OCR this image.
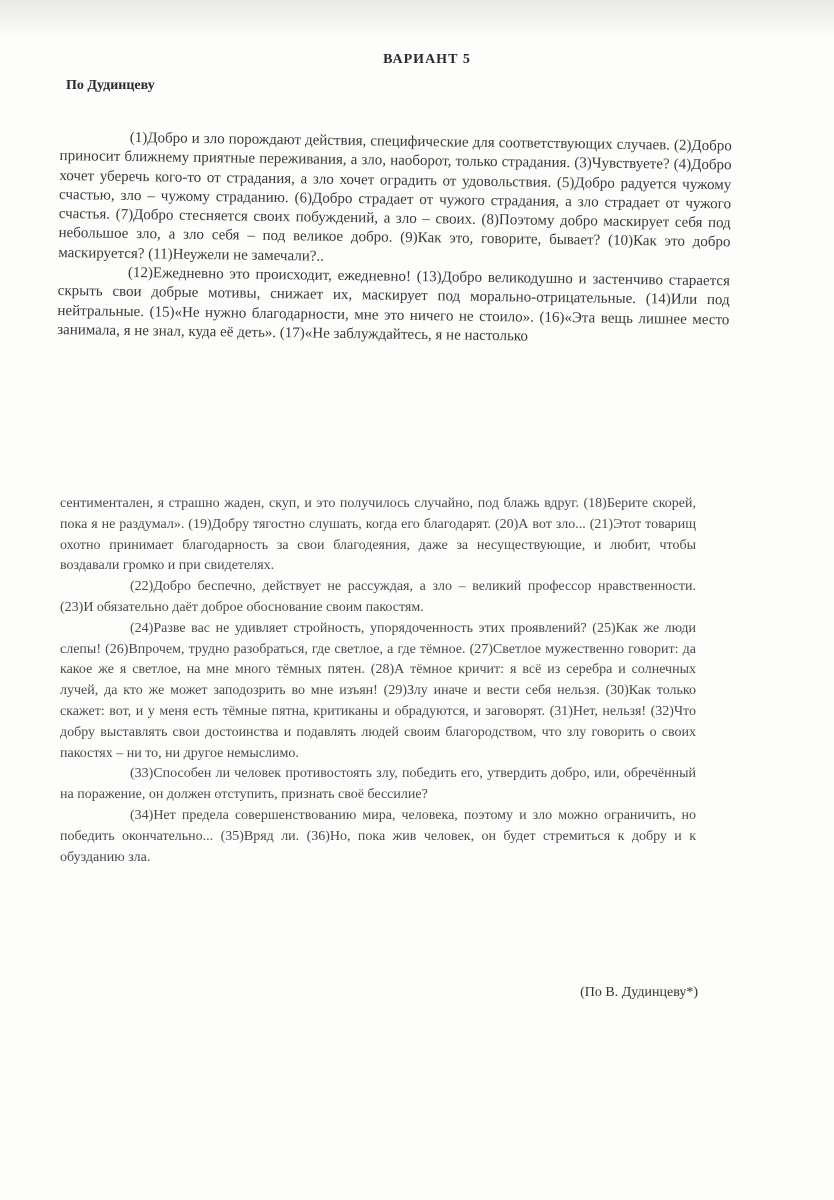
ВАРИАНТ 5
По Дудинцеву

(1)Добро и зло порождают действия, специфические для соответствующих случаев. (2)Добро приносит ближнему приятные переживания, а зло, наоборот, только страдания. (3)Чувствуете? (4)Добро хочет уберечь кого-то от страдания, а зло хочет оградить от удовольствия. (5)Добро радуется чужому счастью, зло – чужому страданию. (6)Добро страдает от чужого страдания, а зло страдает от чужого счастья. (7)Добро стесняется своих побуждений, а зло – своих. (8)Поэтому добро маскирует себя под небольшое зло, а зло себя – под великое добро. (9)Как это, говорите, бывает? (10)Как это добро маскируется? (11)Неужели не замечали?..

(12)Ежедневно это происходит, ежедневно! (13)Добро великодушно и застенчиво старается скрыть свои добрые мотивы, снижает их, маскирует под морально-отрицательные. (14)Или под нейтральные. (15)«Не нужно благодарности, мне это ничего не стоило». (16)«Эта вещь лишнее место занимала, я не знал, куда её деть». (17)«Не заблуждайтесь, я не настолько

сентиментален, я страшно жаден, скуп, и это получилось случайно, под блажь вдруг. (18)Берите скорей, пока я не раздумал». (19)Добру тягостно слушать, когда его благодарят. (20)А вот зло... (21)Этот товарищ охотно принимает благодарность за свои благодеяния, даже за несуществующие, и любит, чтобы воздавали громко и при свидетелях.

(22)Добро беспечно, действует не рассуждая, а зло – великий профессор нравственности. (23)И обязательно даёт доброе обоснование своим пакостям.

(24)Разве вас не удивляет стройность, упорядоченность этих проявлений? (25)Как же люди слепы! (26)Впрочем, трудно разобраться, где светлое, а где тёмное. (27)Светлое мужественно говорит: да какое же я светлое, на мне много тёмных пятен. (28)А тёмное кричит: я всё из серебра и солнечных лучей, да кто же может заподозрить во мне изъян! (29)Злу иначе и вести себя нельзя. (30)Как только скажет: вот, и у меня есть тёмные пятна, критиканы и обрадуются, и заговорят. (31)Нет, нельзя! (32)Что добру выставлять свои достоинства и подавлять людей своим благородством, что злу говорить о своих пакостях – ни то, ни другое немыслимо.

(33)Способен ли человек противостоять злу, победить его, утвердить добро, или, обречённый на поражение, он должен отступить, признать своё бессилие?

(34)Нет предела совершенствованию мира, человека, поэтому и зло можно ограничить, но победить окончательно... (35)Вряд ли. (36)Но, пока жив человек, он будет стремиться к добру и к обузданию зла.

(По В. Дудинцеву*)
